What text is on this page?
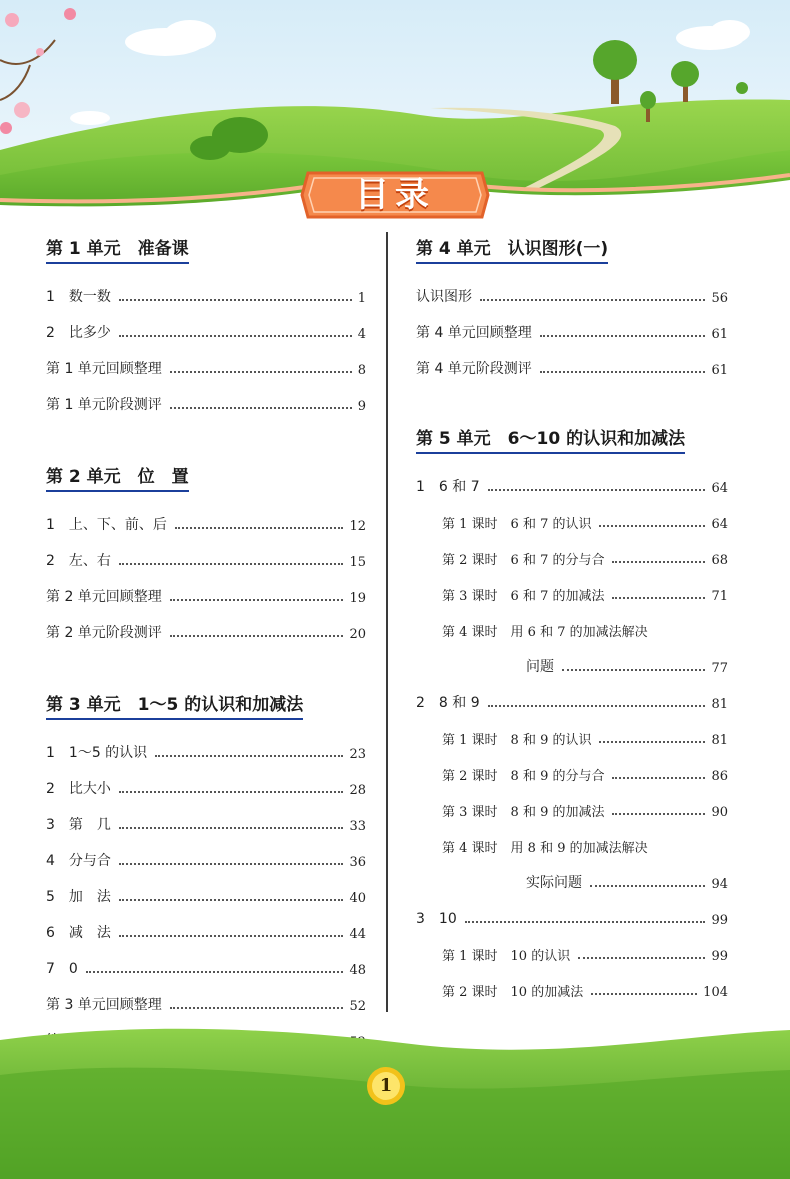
目录
第 1 单元　准备课
1　数一数	1
2　比多少	4
第 1 单元回顾整理	8
第 1 单元阶段测评	9
第 2 单元　位　置
1　上、下、前、后	12
2　左、右	15
第 2 单元回顾整理	19
第 2 单元阶段测评	20
第 3 单元　1～5 的认识和加减法
1　1～5 的认识	23
2　比大小	28
3　第　几	33
4　分与合	36
5　加　法	40
6　减　法	44
7　0	48
第 3 单元回顾整理	52
第 4 单元　认识图形(一)
认识图形	56
第 4 单元回顾整理	61
第 4 单元阶段测评	61
第 5 单元　6～10 的认识和加减法
1　6 和 7	64
第 1 课时　6 和 7 的认识	64
第 2 课时　6 和 7 的分与合	68
第 3 课时　6 和 7 的加减法	71
第 4 课时　用 6 和 7 的加减法解决
问题	77
2　8 和 9	81
第 1 课时　8 和 9 的认识	81
第 2 课时　8 和 9 的分与合	86
第 3 课时　8 和 9 的加减法	90
第 4 课时　用 8 和 9 的加减法解决
实际问题	94
3　10	99
第 1 课时　10 的认识	99
第 2 课时　10 的加减法	104
1
